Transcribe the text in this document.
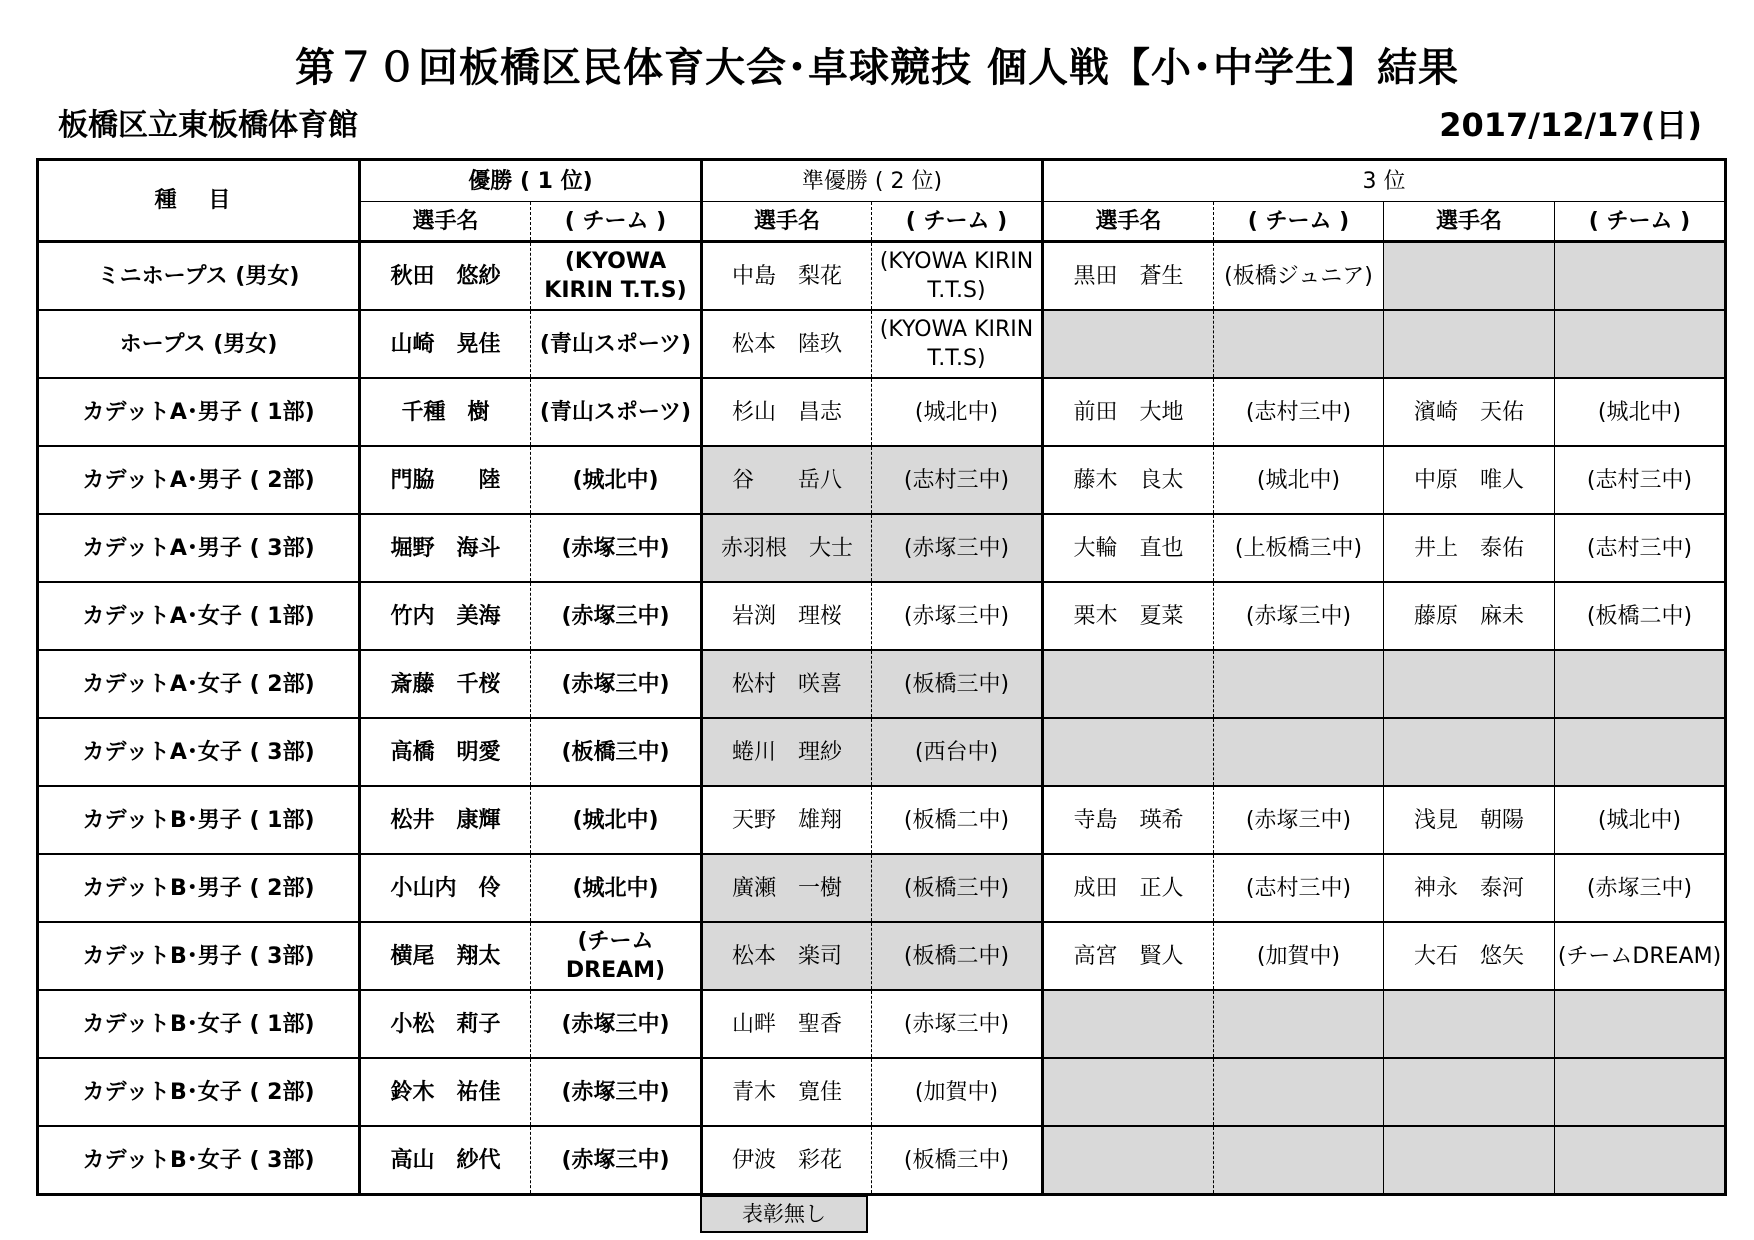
第７０回板橋区民体育大会･卓球競技 個人戦【小･中学生】結果
板橋区立東板橋体育館	2017/12/17(日)
種 目	優勝 ( 1 位)		準優勝 ( 2 位)		3 位			
	選手名	( チーム )	選手名	( チーム )	選手名	( チーム )	選手名	( チーム )
ミニホープス (男女)	秋田　悠紗	(KYOWA KIRIN T.T.S)	中島　梨花	(KYOWA KIRIN T.T.S)	黒田　蒼生	(板橋ジュニア)		
ホープス (男女)	山崎　晃佳	(青山スポーツ)	松本　陸玖	(KYOWA KIRIN T.T.S)				
カデットA･男子 ( 1部)	千種　樹	(青山スポーツ)	杉山　昌志	(城北中)	前田　大地	(志村三中)	濱崎　天佑	(城北中)
カデットA･男子 ( 2部)	門脇　　陸	(城北中)	谷　　岳八	(志村三中)	藤木　良太	(城北中)	中原　唯人	(志村三中)
カデットA･男子 ( 3部)	堀野　海斗	(赤塚三中)	赤羽根　大士	(赤塚三中)	大輪　直也	(上板橋三中)	井上　泰佑	(志村三中)
カデットA･女子 ( 1部)	竹内　美海	(赤塚三中)	岩渕　理桜	(赤塚三中)	栗木　夏菜	(赤塚三中)	藤原　麻未	(板橋二中)
カデットA･女子 ( 2部)	斎藤　千桜	(赤塚三中)	松村　咲喜	(板橋三中)				
カデットA･女子 ( 3部)	高橋　明愛	(板橋三中)	蜷川　理紗	(西台中)				
カデットB･男子 ( 1部)	松井　康輝	(城北中)	天野　雄翔	(板橋二中)	寺島　瑛希	(赤塚三中)	浅見　朝陽	(城北中)
カデットB･男子 ( 2部)	小山内　伶	(城北中)	廣瀬　一樹	(板橋三中)	成田　正人	(志村三中)	神永　泰河	(赤塚三中)
カデットB･男子 ( 3部)	横尾　翔太	(チームDREAM)	松本　楽司	(板橋二中)	高宮　賢人	(加賀中)	大石　悠矢	(チームDREAM)
カデットB･女子 ( 1部)	小松　莉子	(赤塚三中)	山畔　聖香	(赤塚三中)				
カデットB･女子 ( 2部)	鈴木　祐佳	(赤塚三中)	青木　寛佳	(加賀中)				
カデットB･女子 ( 3部)	高山　紗代	(赤塚三中)	伊波　彩花	(板橋三中)				
表彰無し
